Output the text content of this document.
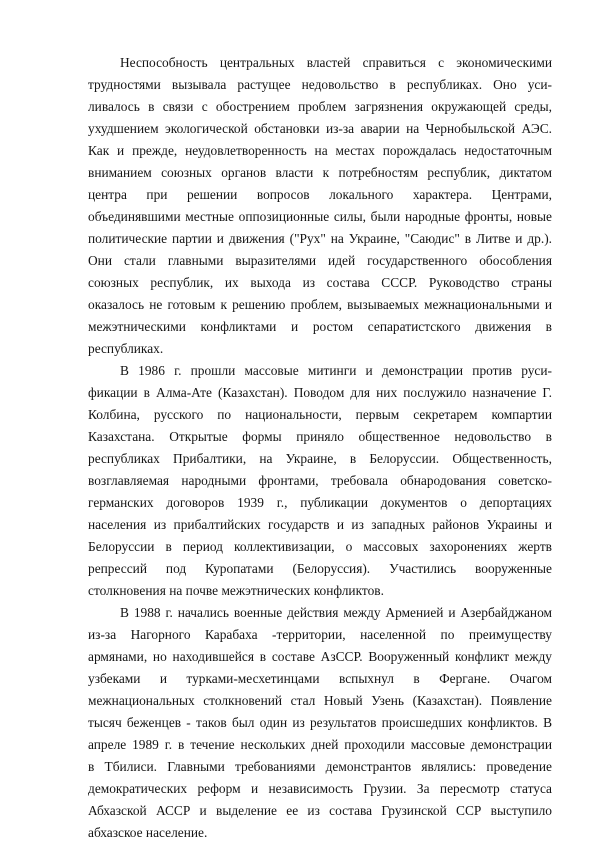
Неспособность центральных властей справиться с экономическими
трудностями вызывала растущее недовольство в республиках. Оно уси-
ливалось в связи с обострением проблем загрязнения окружающей среды,
ухудшением экологической обстановки из-за аварии на Чернобыльской АЭС.
Как и прежде, неудовлетворенность на местах порождалась недостаточным
вниманием союзных органов власти к потребностям республик, диктатом
центра при решении вопросов локального характера. Центрами,
объединявшими местные оппозиционные силы, были народные фронты, новые
политические партии и движения ("Рух" на Украине, "Саюдис" в Литве и др.).
Они стали главными выразителями идей государственного обособления
союзных республик, их выхода из состава СССР. Руководство страны
оказалось не готовым к решению проблем, вызываемых межнациональными и
межэтническими конфликтами и ростом сепаратистского движения в
республиках.
В 1986 г. прошли массовые митинги и демонстрации против руси-
фикации в Алма-Ате (Казахстан). Поводом для них послужило назначение Г.
Колбина, русского по национальности, первым секретарем компартии
Казахстана. Открытые формы приняло общественное недовольство в
республиках Прибалтики, на Украине, в Белоруссии. Общественность,
возглавляемая народными фронтами, требовала обнародования советско-
германских договоров 1939 г., публикации документов о депортациях
населения из прибалтийских государств и из западных районов Украины и
Белоруссии в период коллективизации, о массовых захоронениях жертв
репрессий под Куропатами (Белоруссия). Участились вооруженные
столкновения на почве межэтнических конфликтов.
В 1988 г. начались военные действия между Арменией и Азербайджаном
из-за Нагорного Карабаха -территории, населенной по преимуществу
армянами, но находившейся в составе АзССР. Вооруженный конфликт между
узбеками и турками-месхетинцами вспыхнул в Фергане. Очагом
межнациональных столкновений стал Новый Узень (Казахстан). Появление
тысяч беженцев - таков был один из результатов происшедших конфликтов. В
апреле 1989 г. в течение нескольких дней проходили массовые демонстрации
в Тбилиси. Главными требованиями демонстрантов являлись: проведение
демократических реформ и независимость Грузии. За пересмотр статуса
Абхазской АССР и выделение ее из состава Грузинской ССР выступило
абхазское население.
